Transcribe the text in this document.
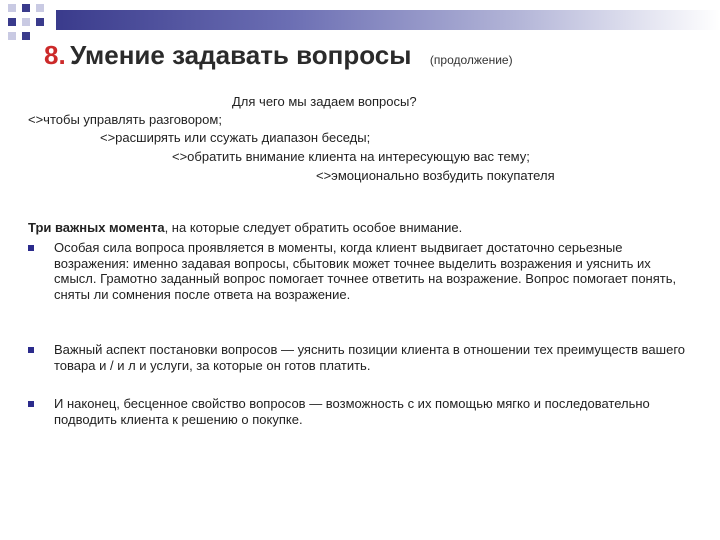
8. Умение задавать вопросы (продолжение)
Для чего мы задаем вопросы?
<>чтобы управлять разговором;
<>расширять или ссужать диапазон беседы;
<>обратить внимание клиента на интересующую вас тему;
<>эмоционально возбудить покупателя
Три важных момента, на которые следует обратить особое внимание.
Особая сила вопроса проявляется в моменты, когда клиент выдвигает достаточно серьезные возражения: именно задавая вопросы, сбытовик может точнее выделить возражения и уяснить их смысл. Грамотно заданный вопрос помогает точнее ответить на возражение. Вопрос помогает понять, сняты ли сомнения после ответа на возражение.
Важный аспект постановки вопросов — уяснить позиции клиента в отношении тех преимуществ вашего товара и / и л и услуги, за которые он готов платить.
И наконец, бесценное свойство вопросов — возможность с их помощью мягко и последовательно подводить клиента к решению о покупке.
